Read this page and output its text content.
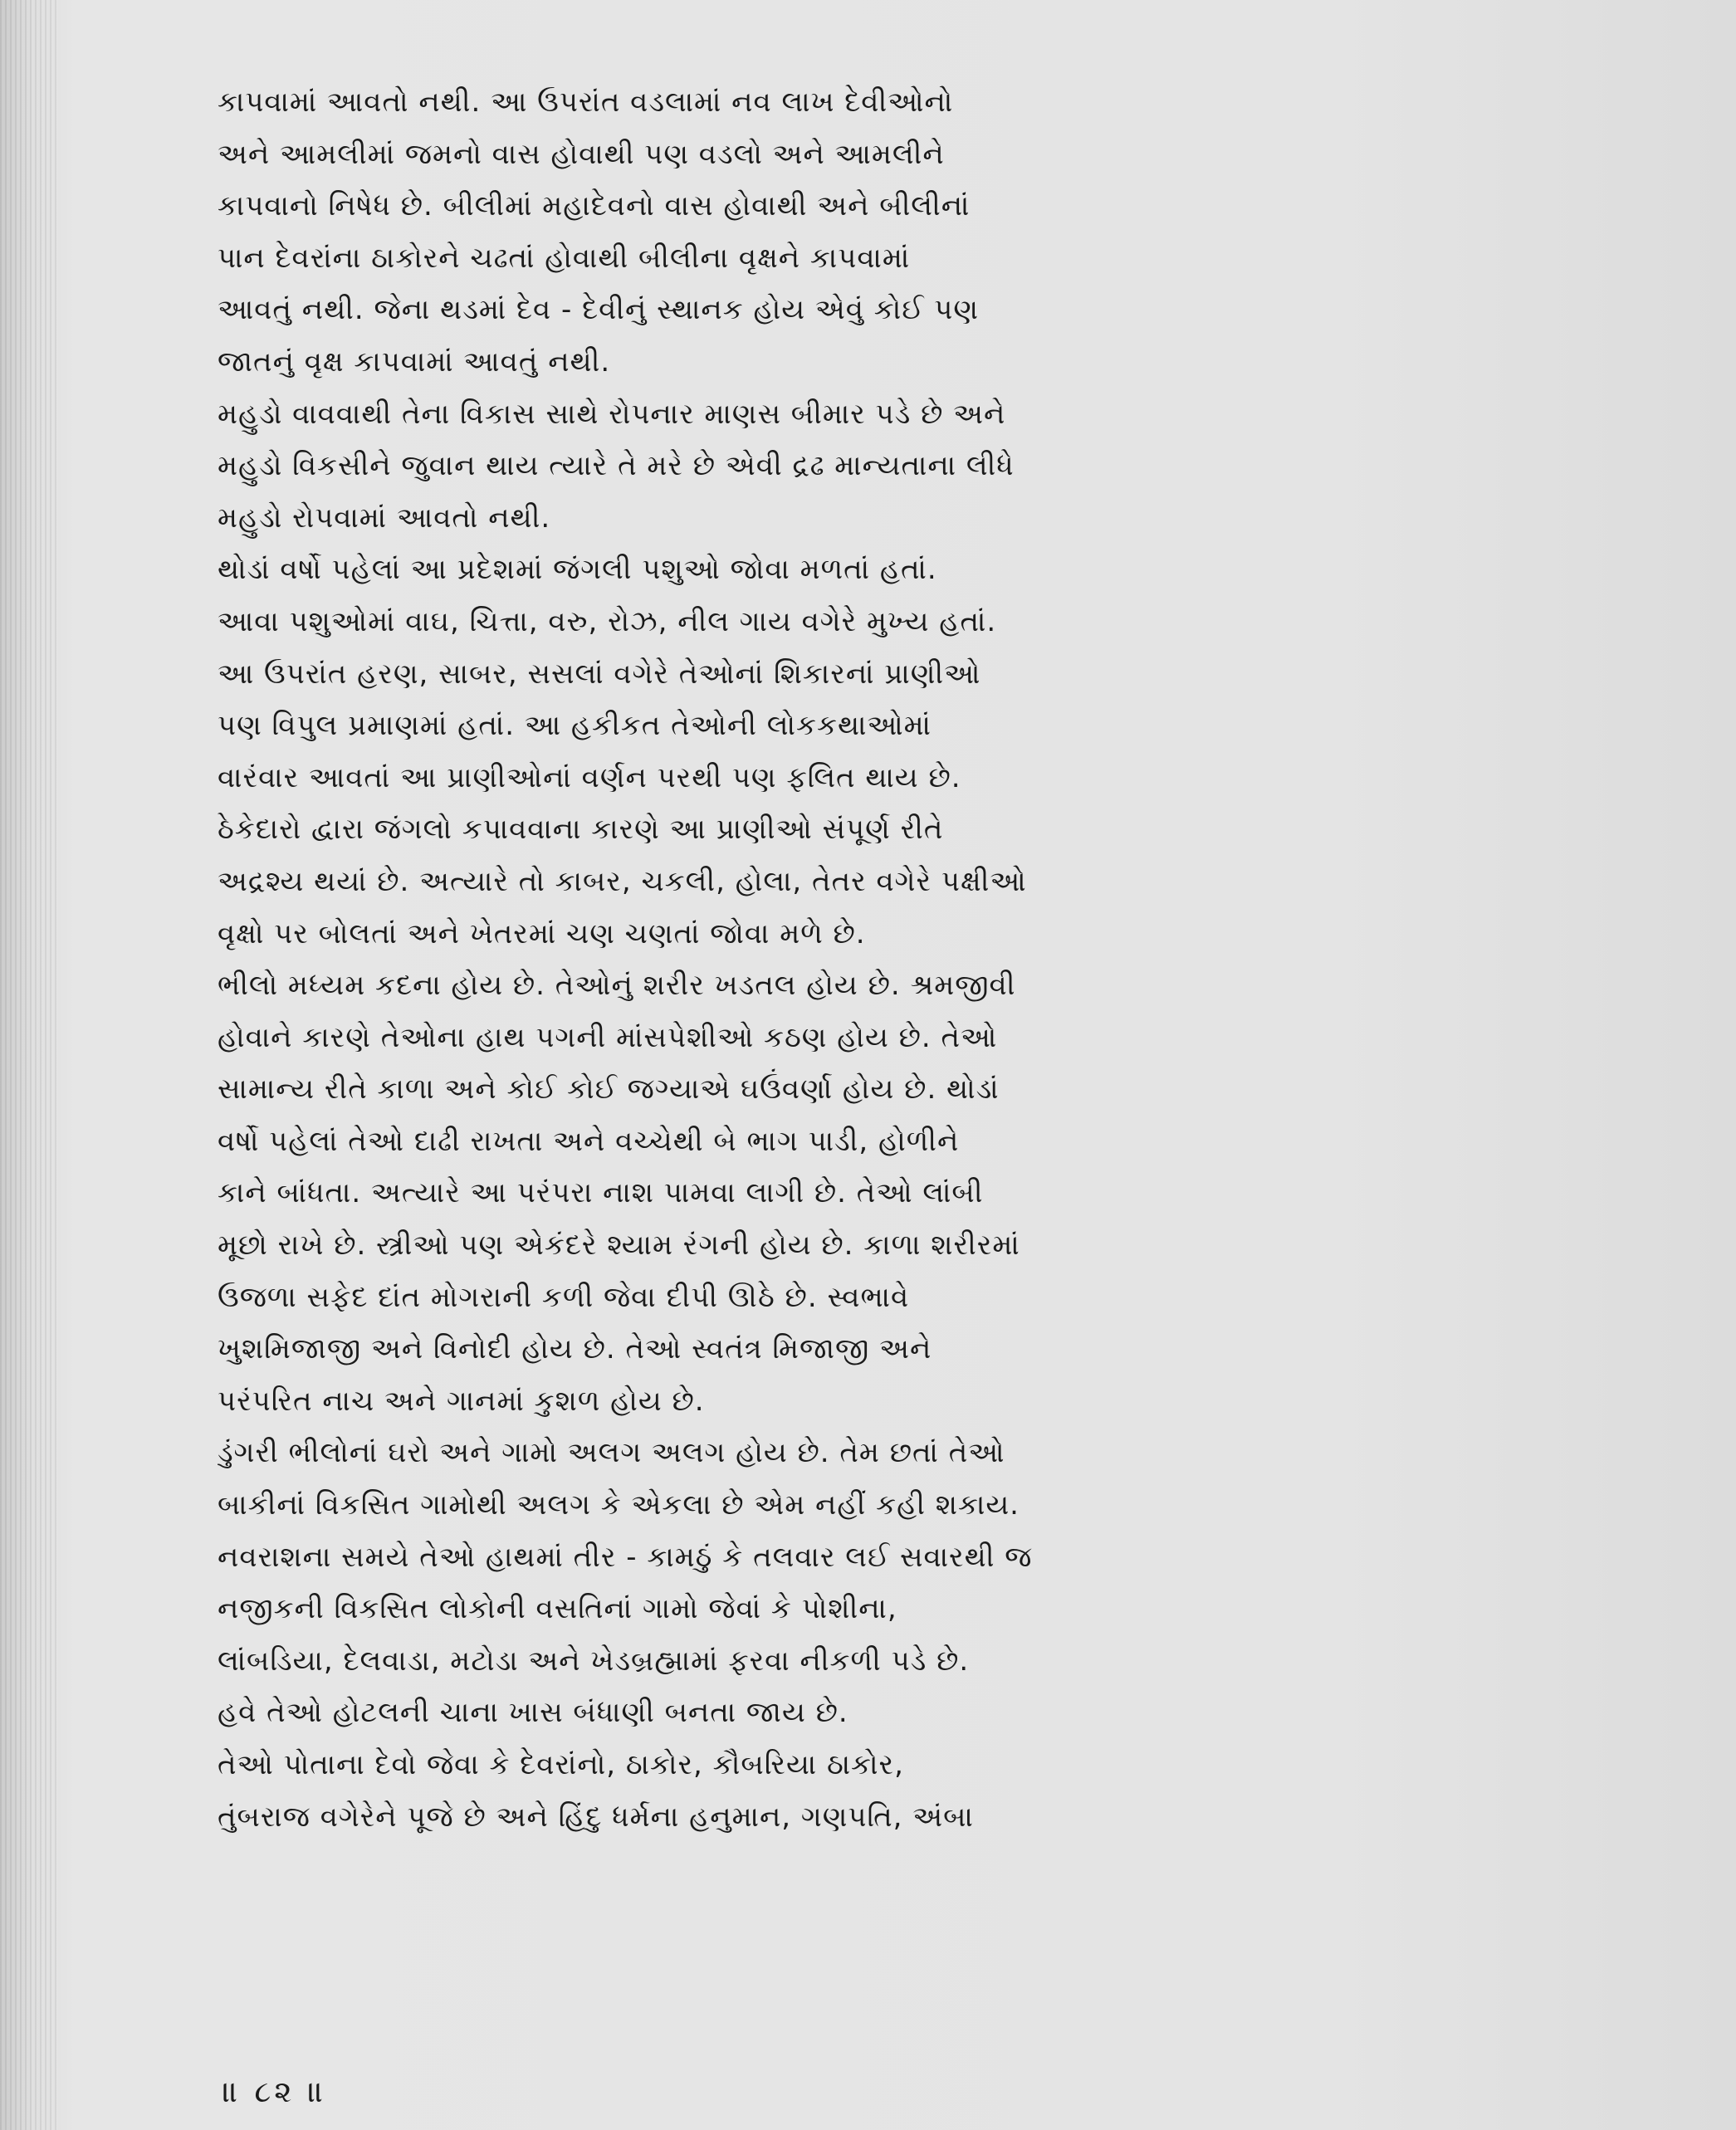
કાપવામાં આવતો નથી. આ ઉપરાંત વડલામાં નવ લાખ દેવીઓનો
અને આમલીમાં જમનો વાસ હોવાથી પણ વડલો અને આમલીને
કાપવાનો નિષેધ છે. બીલીમાં મહાદેવનો વાસ હોવાથી અને બીલીનાં
પાન દેવરાંના ઠાકોરને ચઢતાં હોવાથી બીલીના વૃક્ષને કાપવામાં
આવતું નથી. જેના થડમાં દેવ - દેવીનું સ્થાનક હોય એવું કોઈ પણ
જાતનું વૃક્ષ કાપવામાં આવતું નથી.
મહુડો વાવવાથી તેના વિકાસ સાથે રોપનાર માણસ બીમાર પડે છે અને
મહુડો વિકસીને જુવાન થાય ત્યારે તે મરે છે એવી દ્રઢ માન્યતાના લીધે
મહુડો રોપવામાં આવતો નથી.
થોડાં વર્ષો પહેલાં આ પ્રદેશમાં જંગલી પશુઓ જોવા મળતાં હતાં.
આવા પશુઓમાં વાઘ, ચિત્તા, વરુ, રોઝ, નીલ ગાય વગેરે મુખ્ય હતાં.
આ ઉપરાંત હરણ, સાબર, સસલાં વગેરે તેઓનાં શિકારનાં પ્રાણીઓ
પણ વિપુલ પ્રમાણમાં હતાં. આ હકીકત તેઓની લોકકથાઓમાં
વારંવાર આવતાં આ પ્રાણીઓનાં વર્ણન પરથી પણ ફલિત થાય છે.
ઠેકેદારો દ્વારા જંગલો કપાવવાના કારણે આ પ્રાણીઓ સંપૂર્ણ રીતે
અદ્રશ્ય થયાં છે. અત્યારે તો કાબર, ચકલી, હોલા, તેતર વગેરે પક્ષીઓ
વૃક્ષો પર બોલતાં અને ખેતરમાં ચણ ચણતાં જોવા મળે છે.
ભીલો મધ્યમ કદના હોય છે. તેઓનું શરીર ખડતલ હોય છે. શ્રમજીવી
હોવાને કારણે તેઓના હાથ પગની માંસપેશીઓ કઠણ હોય છે. તેઓ
સામાન્ય રીતે કાળા અને કોઈ કોઈ જગ્યાએ ઘઉંવર્ણા હોય છે. થોડાં
વર્ષો પહેલાં તેઓ દાઢી રાખતા અને વચ્ચેથી બે ભાગ પાડી, હોળીને
કાને બાંધતા. અત્યારે આ પરંપરા નાશ પામવા લાગી છે. તેઓ લાંબી
મૂછો રાખે છે. સ્ત્રીઓ પણ એકંદરે શ્યામ રંગની હોય છે. કાળા શરીરમાં
ઉજળા સફેદ દાંત મોગરાની કળી જેવા દીપી ઊઠે છે. સ્વભાવે
ખુશમિજાજી અને વિનોદી હોય છે. તેઓ સ્વતંત્ર મિજાજી અને
પરંપરિત નાચ અને ગાનમાં કુશળ હોય છે.
ડુંગરી ભીલોનાં ઘરો અને ગામો અલગ અલગ હોય છે. તેમ છતાં તેઓ
બાકીનાં વિકસિત ગામોથી અલગ કે એકલા છે એમ નહીં કહી શકાય.
નવરાશના સમયે તેઓ હાથમાં તીર - કામઠું કે તલવાર લઈ સવારથી જ
નજીકની વિકસિત લોકોની વસતિનાં ગામો જેવાં કે પોશીના,
લાંબડિયા, દેલવાડા, મટોડા અને ખેડબ્રહ્મામાં ફરવા નીકળી પડે છે.
હવે તેઓ હોટલની ચાના ખાસ બંધાણી બનતા જાય છે.
તેઓ પોતાના દેવો જેવા કે દેવરાંનો, ઠાકોર, કૌબરિયા ઠાકોર,
તુંબરાજ વગેરેને પૂજે છે અને હિંદુ ધર્મના હનુમાન, ગણપતિ, અંબા
॥ ૮૨ ॥
